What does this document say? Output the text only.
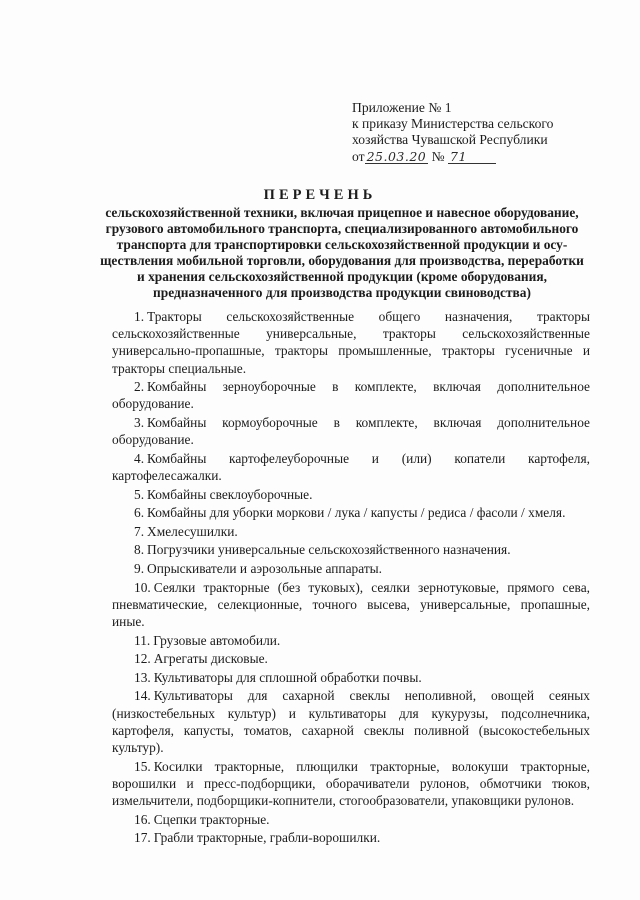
Приложение № 1
к приказу Министерства сельского
хозяйства Чувашской Республики
от 25.03.20 № 71
ПЕРЕЧЕНЬ
сельскохозяйственной техники, включая прицепное и навесное оборудование,
грузового автомобильного транспорта, специализированного автомобильного
транспорта для транспортировки сельскохозяйственной продукции и осу-
ществления мобильной торговли, оборудования для производства, переработки
и хранения сельскохозяйственной продукции (кроме оборудования,
предназначенного для производства продукции свиноводства)
1. Тракторы сельскохозяйственные общего назначения, тракторы сельскохозяйственные универсальные, тракторы сельскохозяйственные универсально-пропашные, тракторы промышленные, тракторы гусеничные и тракторы специальные.
2. Комбайны зерноуборочные в комплекте, включая дополнительное оборудование.
3. Комбайны кормоуборочные в комплекте, включая дополнительное оборудование.
4. Комбайны картофелеуборочные и (или) копатели картофеля, картофелесажалки.
5. Комбайны свеклоуборочные.
6. Комбайны для уборки моркови / лука / капусты / редиса / фасоли / хмеля.
7. Хмелесушилки.
8. Погрузчики универсальные сельскохозяйственного назначения.
9. Опрыскиватели и аэрозольные аппараты.
10. Сеялки тракторные (без туковых), сеялки зернотуковые, прямого сева, пневматические, селекционные, точного высева, универсальные, пропашные, иные.
11. Грузовые автомобили.
12. Агрегаты дисковые.
13. Культиваторы для сплошной обработки почвы.
14. Культиваторы для сахарной свеклы неполивной, овощей сеяных (низкостебельных культур) и культиваторы для кукурузы, подсолнечника, картофеля, капусты, томатов, сахарной свеклы поливной (высокостебельных культур).
15. Косилки тракторные, плющилки тракторные, волокуши тракторные, ворошилки и пресс-подборщики, оборачиватели рулонов, обмотчики тюков, измельчители, подборщики-копнители, стогообразователи, упаковщики рулонов.
16. Сцепки тракторные.
17. Грабли тракторные, грабли-ворошилки.
